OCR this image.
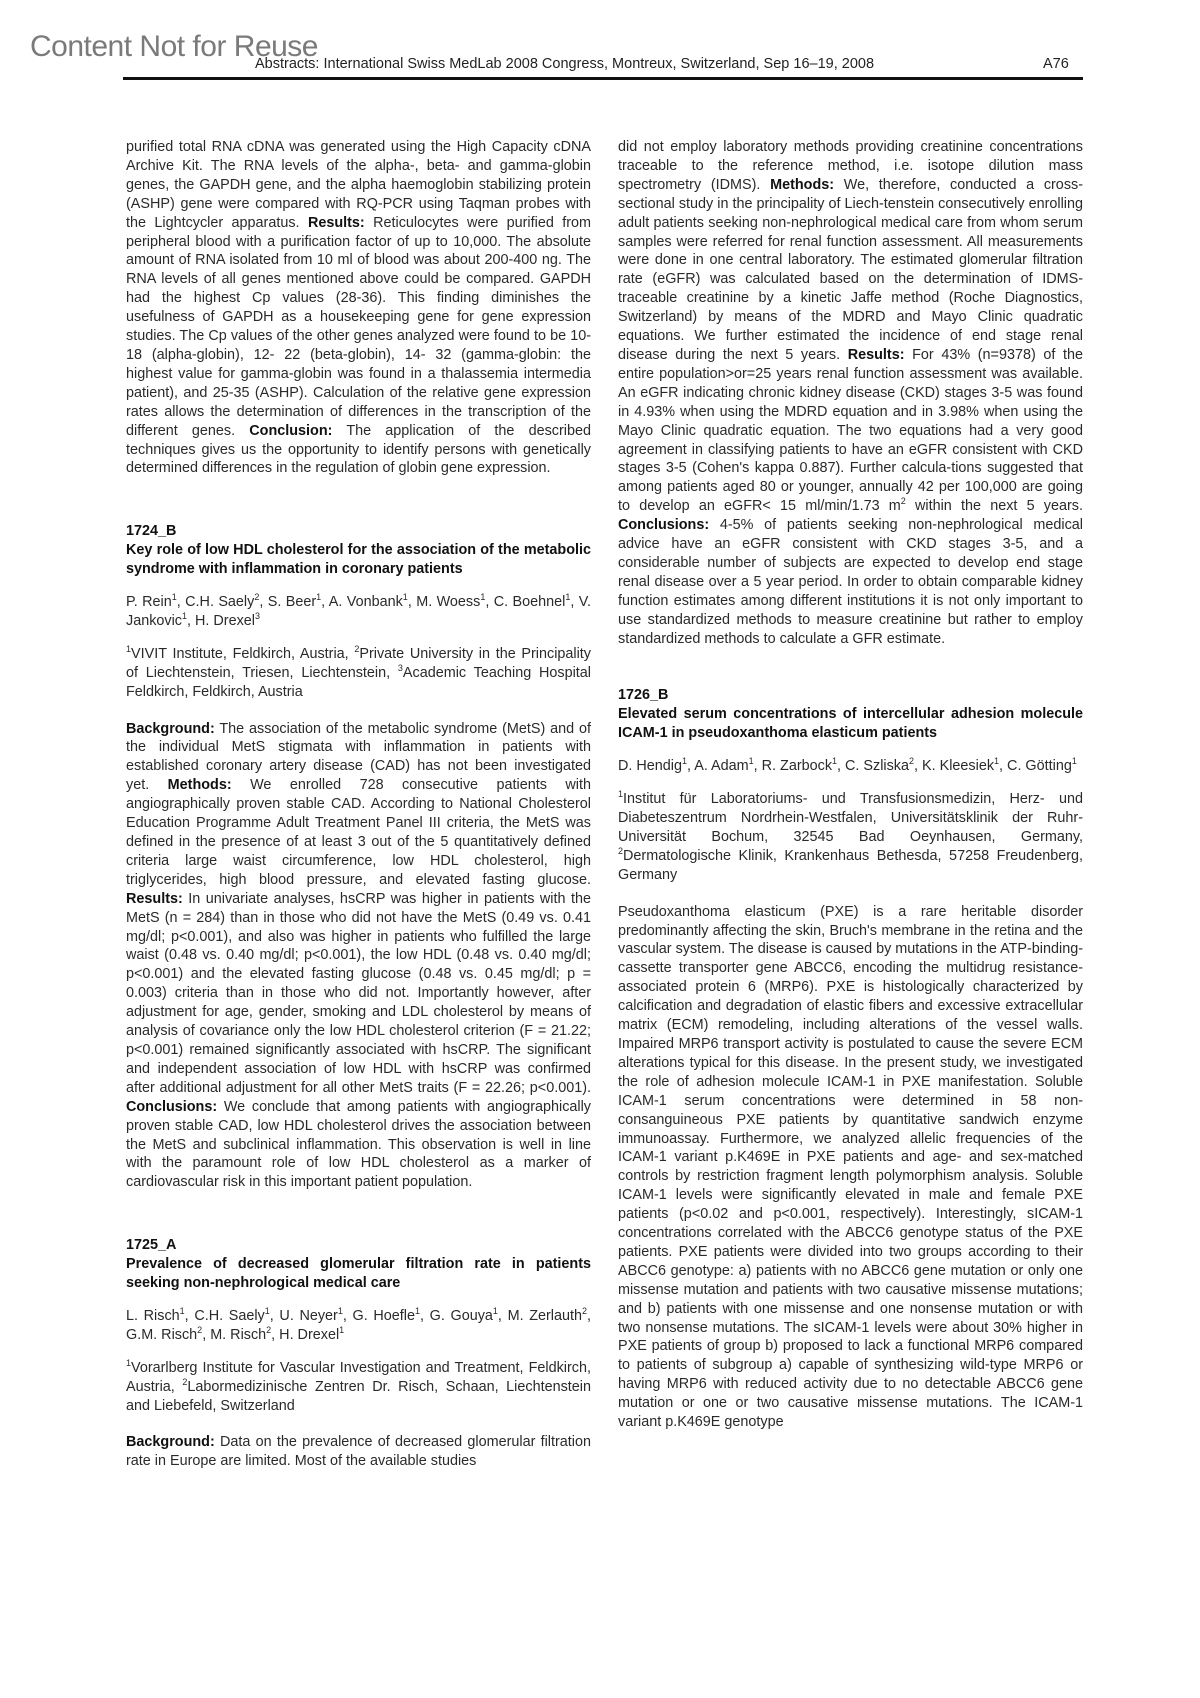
Content Not for Reuse
Abstracts: International Swiss MedLab 2008 Congress, Montreux, Switzerland, Sep 16–19, 2008	A76

purified total RNA cDNA was generated using the High Capacity cDNA Archive Kit. The RNA levels of the alpha-, beta- and gamma-globin genes, the GAPDH gene, and the alpha haemoglobin stabilizing protein (ASHP) gene were compared with RQ-PCR using Taqman probes with the Lightcycler apparatus. Results: Reticulocytes were purified from peripheral blood with a purification factor of up to 10,000. The absolute amount of RNA isolated from 10 ml of blood was about 200-400 ng. The RNA levels of all genes mentioned above could be compared. GAPDH had the highest Cp values (28-36). This finding diminishes the usefulness of GAPDH as a housekeeping gene for gene expression studies. The Cp values of the other genes analyzed were found to be 10-18 (alpha-globin), 12- 22 (beta-globin), 14- 32 (gamma-globin: the highest value for gamma-globin was found in a thalassemia intermedia patient), and 25-35 (ASHP). Calculation of the relative gene expression rates allows the determination of differences in the transcription of the different genes. Conclusion: The application of the described techniques gives us the opportunity to identify persons with genetically determined differences in the regulation of globin gene expression.

1724_B

Key role of low HDL cholesterol for the association of the metabolic syndrome with inflammation in coronary patients

P. Rein$^1$, C.H. Saely$^2$, S. Beer$^1$, A. Vonbank$^1$, M. Woess$^1$, C. Boehnel$^1$, V. Jankovic$^1$, H. Drexel$^3$

$^1$VIVIT Institute, Feldkirch, Austria, $^2$Private University in the Principality of Liechtenstein, Triesen, Liechtenstein, $^3$Academic Teaching Hospital Feldkirch, Feldkirch, Austria

Background: The association of the metabolic syndrome (MetS) and of the individual MetS stigmata with inflammation in patients with established coronary artery disease (CAD) has not been investigated yet. Methods: We enrolled 728 consecutive patients with angiographically proven stable CAD. According to National Cholesterol Education Programme Adult Treatment Panel III criteria, the MetS was defined in the presence of at least 3 out of the 5 quantitatively defined criteria large waist circumference, low HDL cholesterol, high triglycerides, high blood pressure, and elevated fasting glucose. Results: In univariate analyses, hsCRP was higher in patients with the MetS (n = 284) than in those who did not have the MetS (0.49 vs. 0.41 mg/dl; p<0.001), and also was higher in patients who fulfilled the large waist (0.48 vs. 0.40 mg/dl; p<0.001), the low HDL (0.48 vs. 0.40 mg/dl; p<0.001) and the elevated fasting glucose (0.48 vs. 0.45 mg/dl; p = 0.003) criteria than in those who did not. Importantly however, after adjustment for age, gender, smoking and LDL cholesterol by means of analysis of covariance only the low HDL cholesterol criterion (F = 21.22; p<0.001) remained significantly associated with hsCRP. The significant and independent association of low HDL with hsCRP was confirmed after additional adjustment for all other MetS traits (F = 22.26; p<0.001). Conclusions: We conclude that among patients with angiographically proven stable CAD, low HDL cholesterol drives the association between the MetS and subclinical inflammation. This observation is well in line with the paramount role of low HDL cholesterol as a marker of cardiovascular risk in this important patient population.

1725_A

Prevalence of decreased glomerular filtration rate in patients seeking non-nephrological medical care

L. Risch$^1$, C.H. Saely$^1$, U. Neyer$^1$, G. Hoefle$^1$, G. Gouya$^1$, M. Zerlauth$^2$, G.M. Risch$^2$, M. Risch$^2$, H. Drexel$^1$

$^1$Vorarlberg Institute for Vascular Investigation and Treatment, Feldkirch, Austria, $^2$Labormedizinische Zentren Dr. Risch, Schaan, Liechtenstein and Liebefeld, Switzerland

Background: Data on the prevalence of decreased glomerular filtration rate in Europe are limited. Most of the available studies

did not employ laboratory methods providing creatinine concentrations traceable to the reference method, i.e. isotope dilution mass spectrometry (IDMS). Methods: We, therefore, conducted a cross-sectional study in the principality of Liech-tenstein consecutively enrolling adult patients seeking non-nephrological medical care from whom serum samples were referred for renal function assessment. All measurements were done in one central laboratory. The estimated glomerular filtration rate (eGFR) was calculated based on the determination of IDMS-traceable creatinine by a kinetic Jaffe method (Roche Diagnostics, Switzerland) by means of the MDRD and Mayo Clinic quadratic equations. We further estimated the incidence of end stage renal disease during the next 5 years. Results: For 43% (n=9378) of the entire population>or=25 years renal function assessment was available. An eGFR indicating chronic kidney disease (CKD) stages 3-5 was found in 4.93% when using the MDRD equation and in 3.98% when using the Mayo Clinic quadratic equation. The two equations had a very good agreement in classifying patients to have an eGFR consistent with CKD stages 3-5 (Cohen's kappa 0.887). Further calcula-tions suggested that among patients aged 80 or younger, annually 42 per 100,000 are going to develop an eGFR< 15 ml/min/1.73 $m^2$ within the next 5 years. Conclusions: 4-5% of patients seeking non-nephrological medical advice have an eGFR consistent with CKD stages 3-5, and a considerable number of subjects are expected to develop end stage renal disease over a 5 year period. In order to obtain comparable kidney function estimates among different institutions it is not only important to use standardized methods to measure creatinine but rather to employ standardized methods to calculate a GFR estimate.

1726_B

Elevated serum concentrations of intercellular adhesion molecule ICAM-1 in pseudoxanthoma elasticum patients

D. Hendig$^1$, A. Adam$^1$, R. Zarbock$^1$, C. Szliska$^2$, K. Kleesiek$^1$, C. Götting$^1$

$^1$Institut für Laboratoriums- und Transfusionsmedizin, Herz- und Diabeteszentrum Nordrhein-Westfalen, Universitätsklinik der Ruhr-Universität Bochum, 32545 Bad Oeynhausen, Germany, $^2$Dermatologische Klinik, Krankenhaus Bethesda, 57258 Freudenberg, Germany

Pseudoxanthoma elasticum (PXE) is a rare heritable disorder predominantly affecting the skin, Bruch's membrane in the retina and the vascular system. The disease is caused by mutations in the ATP-binding-cassette transporter gene ABCC6, encoding the multidrug resistance-associated protein 6 (MRP6). PXE is histologically characterized by calcification and degradation of elastic fibers and excessive extracellular matrix (ECM) remodeling, including alterations of the vessel walls. Impaired MRP6 transport activity is postulated to cause the severe ECM alterations typical for this disease. In the present study, we investigated the role of adhesion molecule ICAM-1 in PXE manifestation. Soluble ICAM-1 serum concentrations were determined in 58 non-consanguineous PXE patients by quantitative sandwich enzyme immunoassay. Furthermore, we analyzed allelic frequencies of the ICAM-1 variant p.K469E in PXE patients and age- and sex-matched controls by restriction fragment length polymorphism analysis. Soluble ICAM-1 levels were significantly elevated in male and female PXE patients (p<0.02 and p<0.001, respectively). Interestingly, sICAM-1 concentrations correlated with the ABCC6 genotype status of the PXE patients. PXE patients were divided into two groups according to their ABCC6 genotype: a) patients with no ABCC6 gene mutation or only one missense mutation and patients with two causative missense mutations; and b) patients with one missense and one nonsense mutation or with two nonsense mutations. The sICAM-1 levels were about 30% higher in PXE patients of group b) proposed to lack a functional MRP6 compared to patients of subgroup a) capable of synthesizing wild-type MRP6 or having MRP6 with reduced activity due to no detectable ABCC6 gene mutation or one or two causative missense mutations. The ICAM-1 variant p.K469E genotype
